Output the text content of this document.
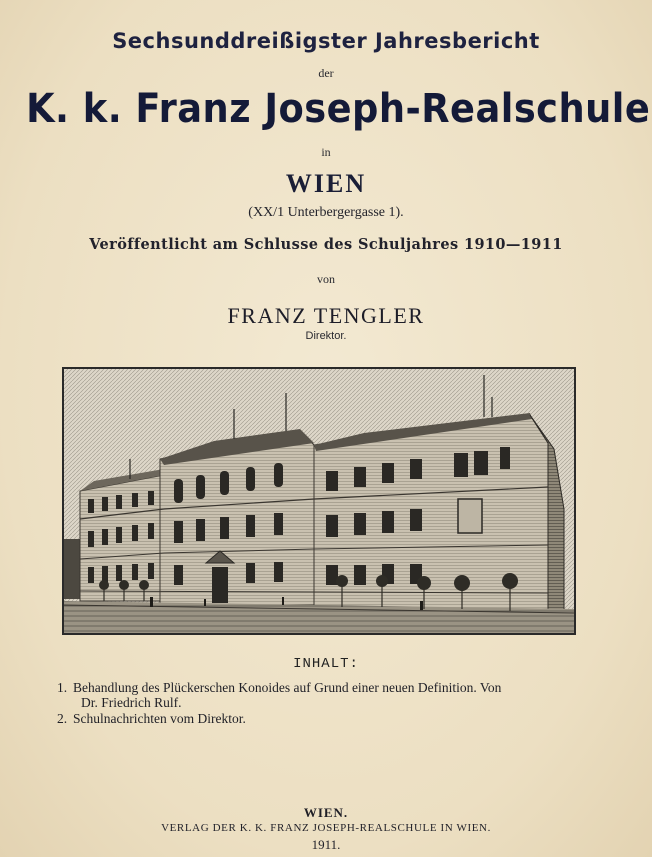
Sechsunddreißigster Jahresbericht
der
K. k. Franz Joseph-Realschule
in
WIEN
(XX/1 Unterbergergasse 1).
Veröffentlicht am Schlusse des Schuljahres 1910—1911
von
FRANZ TENGLER
Direktor.
INHALT:
1. Behandlung des Plückerschen Konoides auf Grund einer neuen Definition. Von
Dr. Friedrich Rulf.
2. Schulnachrichten vom Direktor.
WIEN.
VERLAG DER K. K. FRANZ JOSEPH-REALSCHULE IN WIEN.
1911.
